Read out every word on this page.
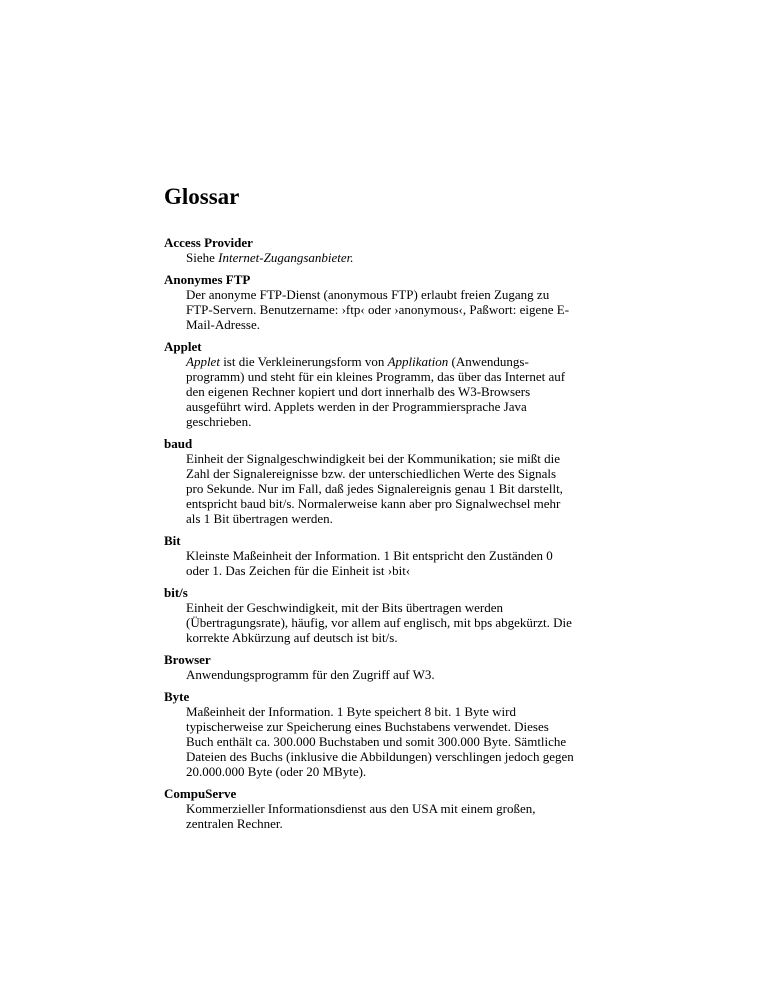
Glossar
Access Provider
Siehe Internet-Zugangsanbieter.
Anonymes FTP
Der anonyme FTP-Dienst (anonymous FTP) erlaubt freien Zugang zu FTP-Servern. Benutzername: ›ftp‹ oder ›anonymous‹, Paßwort: eigene E-Mail-Adresse.
Applet
Applet ist die Verkleinerungsform von Applikation (Anwendungsprogramm) und steht für ein kleines Programm, das über das Internet auf den eigenen Rechner kopiert und dort innerhalb des W3-Browsers ausgeführt wird. Applets werden in der Programmiersprache Java geschrieben.
baud
Einheit der Signalgeschwindigkeit bei der Kommunikation; sie mißt die Zahl der Signalereignisse bzw. der unterschiedlichen Werte des Signals pro Sekunde. Nur im Fall, daß jedes Signalereignis genau 1 Bit darstellt, entspricht baud bit/s. Normalerweise kann aber pro Signalwechsel mehr als 1 Bit übertragen werden.
Bit
Kleinste Maßeinheit der Information. 1 Bit entspricht den Zuständen 0 oder 1. Das Zeichen für die Einheit ist ›bit‹
bit/s
Einheit der Geschwindigkeit, mit der Bits übertragen werden (Übertragungsrate), häufig, vor allem auf englisch, mit bps abgekürzt. Die korrekte Abkürzung auf deutsch ist bit/s.
Browser
Anwendungsprogramm für den Zugriff auf W3.
Byte
Maßeinheit der Information. 1 Byte speichert 8 bit. 1 Byte wird typischerweise zur Speicherung eines Buchstabens verwendet. Dieses Buch enthält ca. 300.000 Buchstaben und somit 300.000 Byte. Sämtliche Dateien des Buchs (inklusive die Abbildungen) verschlingen jedoch gegen 20.000.000 Byte (oder 20 MByte).
CompuServe
Kommerzieller Informationsdienst aus den USA mit einem großen, zentralen Rechner.
